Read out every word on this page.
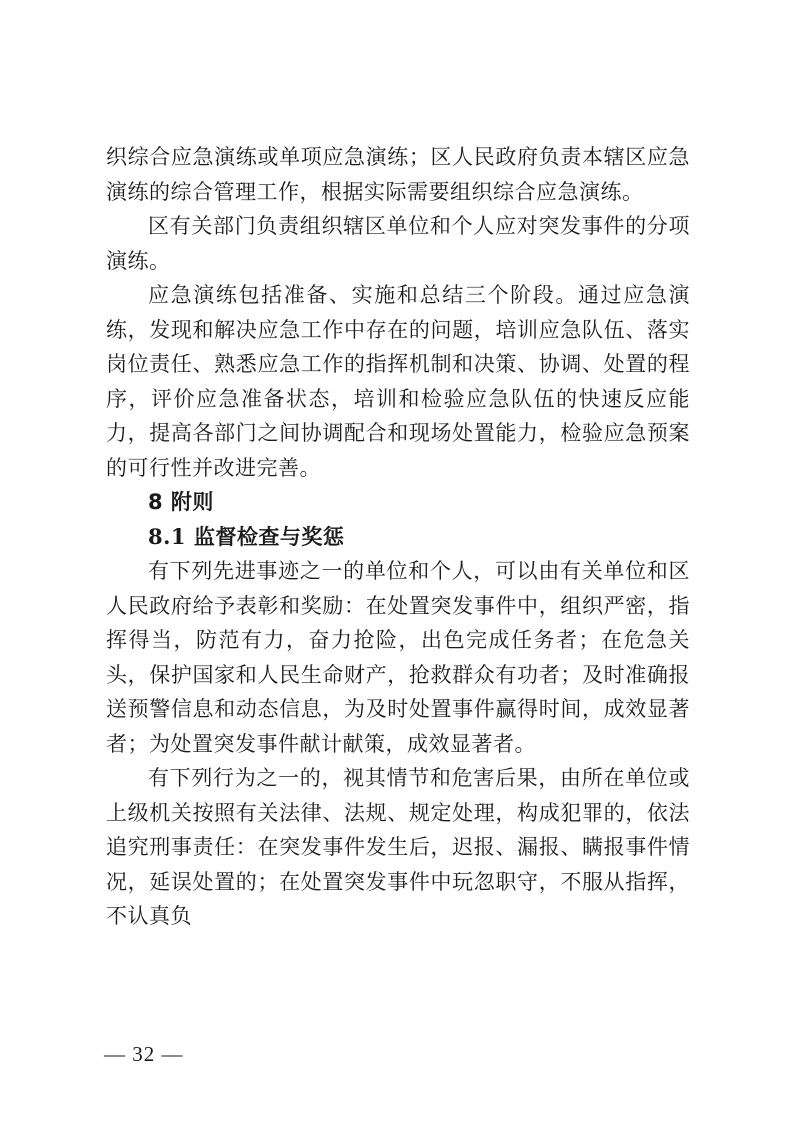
织综合应急演练或单项应急演练；区人民政府负责本辖区应急演练的综合管理工作，根据实际需要组织综合应急演练。

区有关部门负责组织辖区单位和个人应对突发事件的分项演练。

应急演练包括准备、实施和总结三个阶段。通过应急演练，发现和解决应急工作中存在的问题，培训应急队伍、落实岗位责任、熟悉应急工作的指挥机制和决策、协调、处置的程序，评价应急准备状态，培训和检验应急队伍的快速反应能力，提高各部门之间协调配合和现场处置能力，检验应急预案的可行性并改进完善。

8 附则

8.1 监督检查与奖惩

有下列先进事迹之一的单位和个人，可以由有关单位和区人民政府给予表彰和奖励：在处置突发事件中，组织严密，指挥得当，防范有力，奋力抢险，出色完成任务者；在危急关头，保护国家和人民生命财产，抢救群众有功者；及时准确报送预警信息和动态信息，为及时处置事件赢得时间，成效显著者；为处置突发事件献计献策，成效显著者。

有下列行为之一的，视其情节和危害后果，由所在单位或上级机关按照有关法律、法规、规定处理，构成犯罪的，依法追究刑事责任：在突发事件发生后，迟报、漏报、瞒报事件情况，延误处置的；在处置突发事件中玩忽职守，不服从指挥，不认真负

— 32 —
